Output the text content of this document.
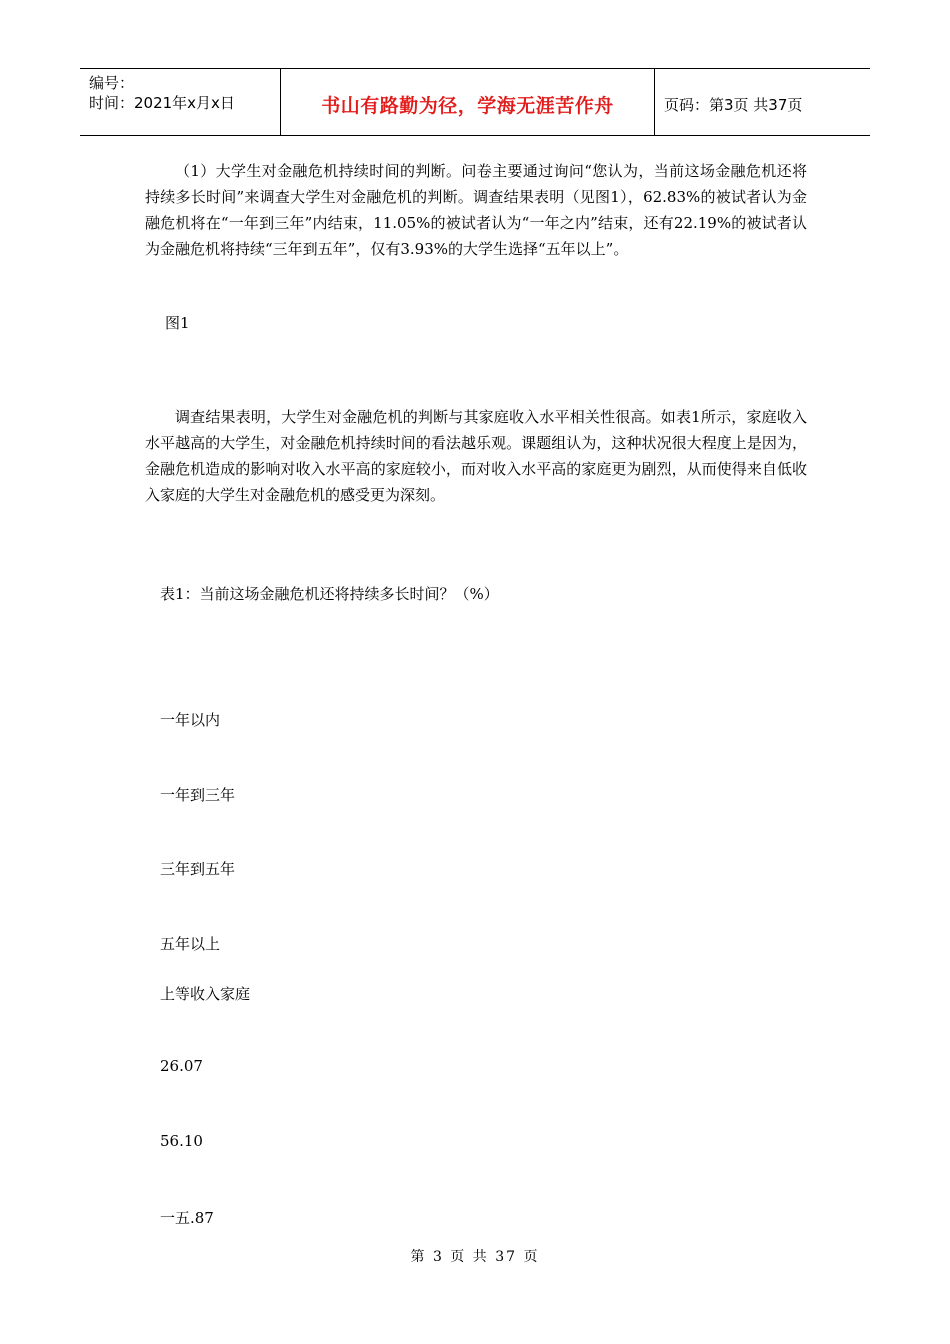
编号：
时间：2021年x月x日	书山有路勤为径，学海无涯苦作舟	页码：第3页 共37页

（1）大学生对金融危机持续时间的判断。问卷主要通过询问“您认为，当前这场金融危机还将持续多长时间”来调查大学生对金融危机的判断。调查结果表明（见图1），62.83%的被试者认为金融危机将在“一年到三年”内结束，11.05%的被试者认为“一年之内”结束，还有22.19%的被试者认为金融危机将持续“三年到五年”，仅有3.93%的大学生选择“五年以上”。

图1

调查结果表明，大学生对金融危机的判断与其家庭收入水平相关性很高。如表1所示，家庭收入水平越高的大学生，对金融危机持续时间的看法越乐观。课题组认为，这种状况很大程度上是因为，金融危机造成的影响对收入水平高的家庭较小，而对收入水平高的家庭更为剧烈，从而使得来自低收入家庭的大学生对金融危机的感受更为深刻。

表1：当前这场金融危机还将持续多长时间？（%）
一年以内
一年到三年
三年到五年
五年以上
上等收入家庭
26.07
56.10
一五.87
第 3 页 共 37 页
